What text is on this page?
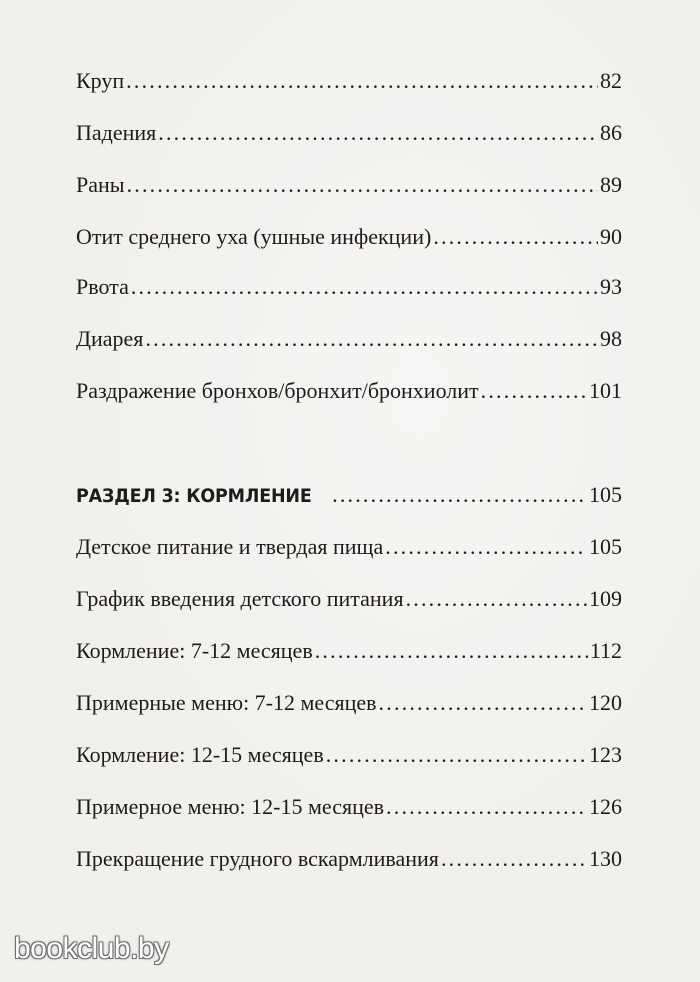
Круп .....	82
Падения .....	86
Раны .....	89
Отит среднего уха (ушные инфекции) .....	90
Рвота .....	93
Диарея .....	98
Раздражение бронхов/бронхит/бронхиолит .....	101
РАЗДЕЛ 3: КОРМЛЕНИЕ .....	105
Детское питание и твердая пища .....	105
График введения детского питания .....	109
Кормление: 7-12 месяцев .....	112
Примерные меню: 7-12 месяцев .....	120
Кормление: 12-15 месяцев .....	123
Примерное меню: 12-15 месяцев .....	126
Прекращение грудного вскармливания .....	130
bookclub.by
